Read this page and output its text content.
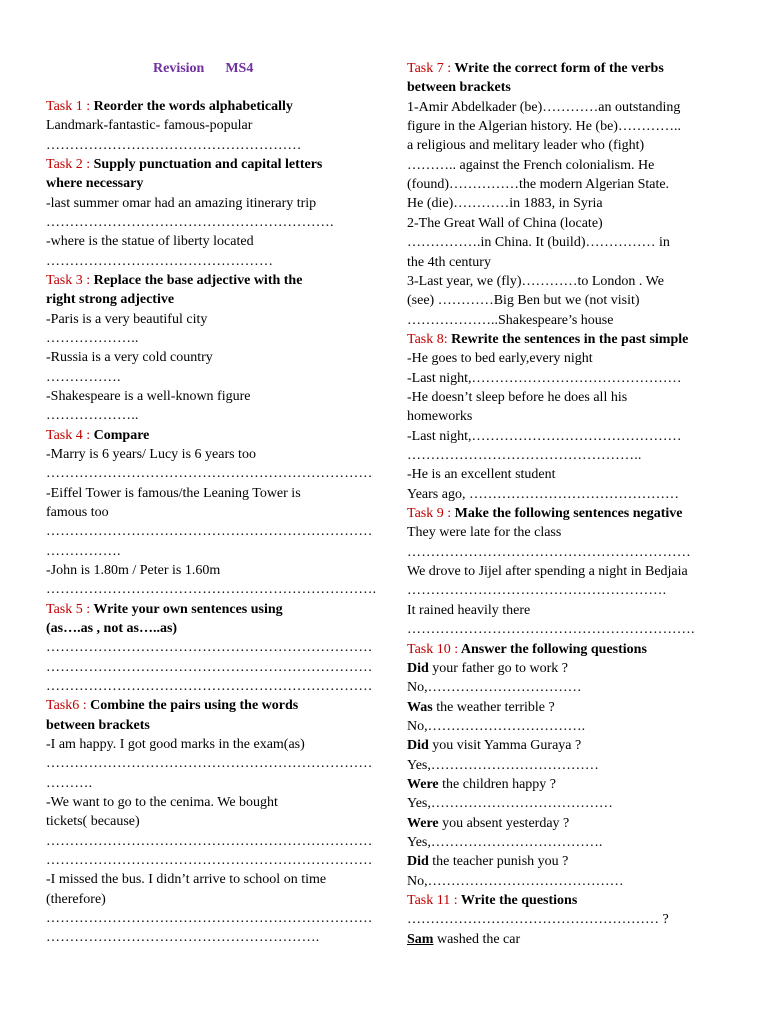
Revision MS4
Task 1 : Reorder the words alphabetically
Landmark-fantastic- famous-popular
………………………………………………
Task 2 : Supply punctuation and capital letters
where necessary
-last summer omar had an amazing itinerary trip
…………………………………………………….
-where is the statue of liberty located
…………………………………………
Task 3 : Replace the base adjective with the
right strong adjective
-Paris is a very beautiful city
………………..
-Russia is a very cold country
…………….
-Shakespeare is a well-known figure
………………..
Task 4 : Compare
-Marry is 6 years/ Lucy is 6 years too
……………………………………………………………
-Eiffel Tower is famous/the Leaning Tower is
famous too
……………………………………………………………
…………….
-John is 1.80m / Peter is 1.60m
…………………………………………………………….
Task 5 : Write your own sentences using
(as….as , not as…..as)
……………………………………………………………
……………………………………………………………
……………………………………………………………
Task6 : Combine the pairs using the words
between brackets
-I am happy. I got good marks in the exam(as)
……………………………………………………………
……….
-We want to go to the cenima. We bought
tickets( because)
……………………………………………………………
……………………………………………………………
-I missed the bus. I didn’t arrive to school on time
(therefore)
……………………………………………………………
………………………………………………….
Task 7 : Write the correct form of the verbs
between brackets
1-Amir Abdelkader (be)…………an outstanding
figure in the Algerian history. He (be)…………..
a religious and melitary leader who (fight)
……….. against the French colonialism. He
(found)……………the modern Algerian State.
He (die)…………in 1883, in Syria
2-The Great Wall of China (locate)
…………….in China. It (build)…………… in
the 4th century
3-Last year, we (fly)…………to London . We
(see) …………Big Ben but we (not visit)
………………..Shakespeare’s house
Task 8: Rewrite the sentences in the past simple
-He goes to bed early,every night
-Last night,………………………………………
-He doesn’t sleep before he does all his
homeworks
-Last night,………………………………………
…………………………………………..
-He is an excellent student
Years ago, ………………………………………
Task 9 : Make the following sentences negative
They were late for the class
……………………………………………………
We drove to Jijel after spending a night in Bedjaia
……………………………………………….
It rained heavily there
…………………………………………………….
Task 10 : Answer the following questions
Did your father go to work ?
No,……………………………
Was the weather terrible ?
No,…………………………….
Did you visit Yamma Guraya ?
Yes,………………………………
Were the children happy ?
Yes,…………………………………
Were you absent yesterday ?
Yes,……………………………….
Did the teacher punish you ?
No,……………………………………
Task 11 : Write the questions
……………………………………………… ?
Sam washed the car
